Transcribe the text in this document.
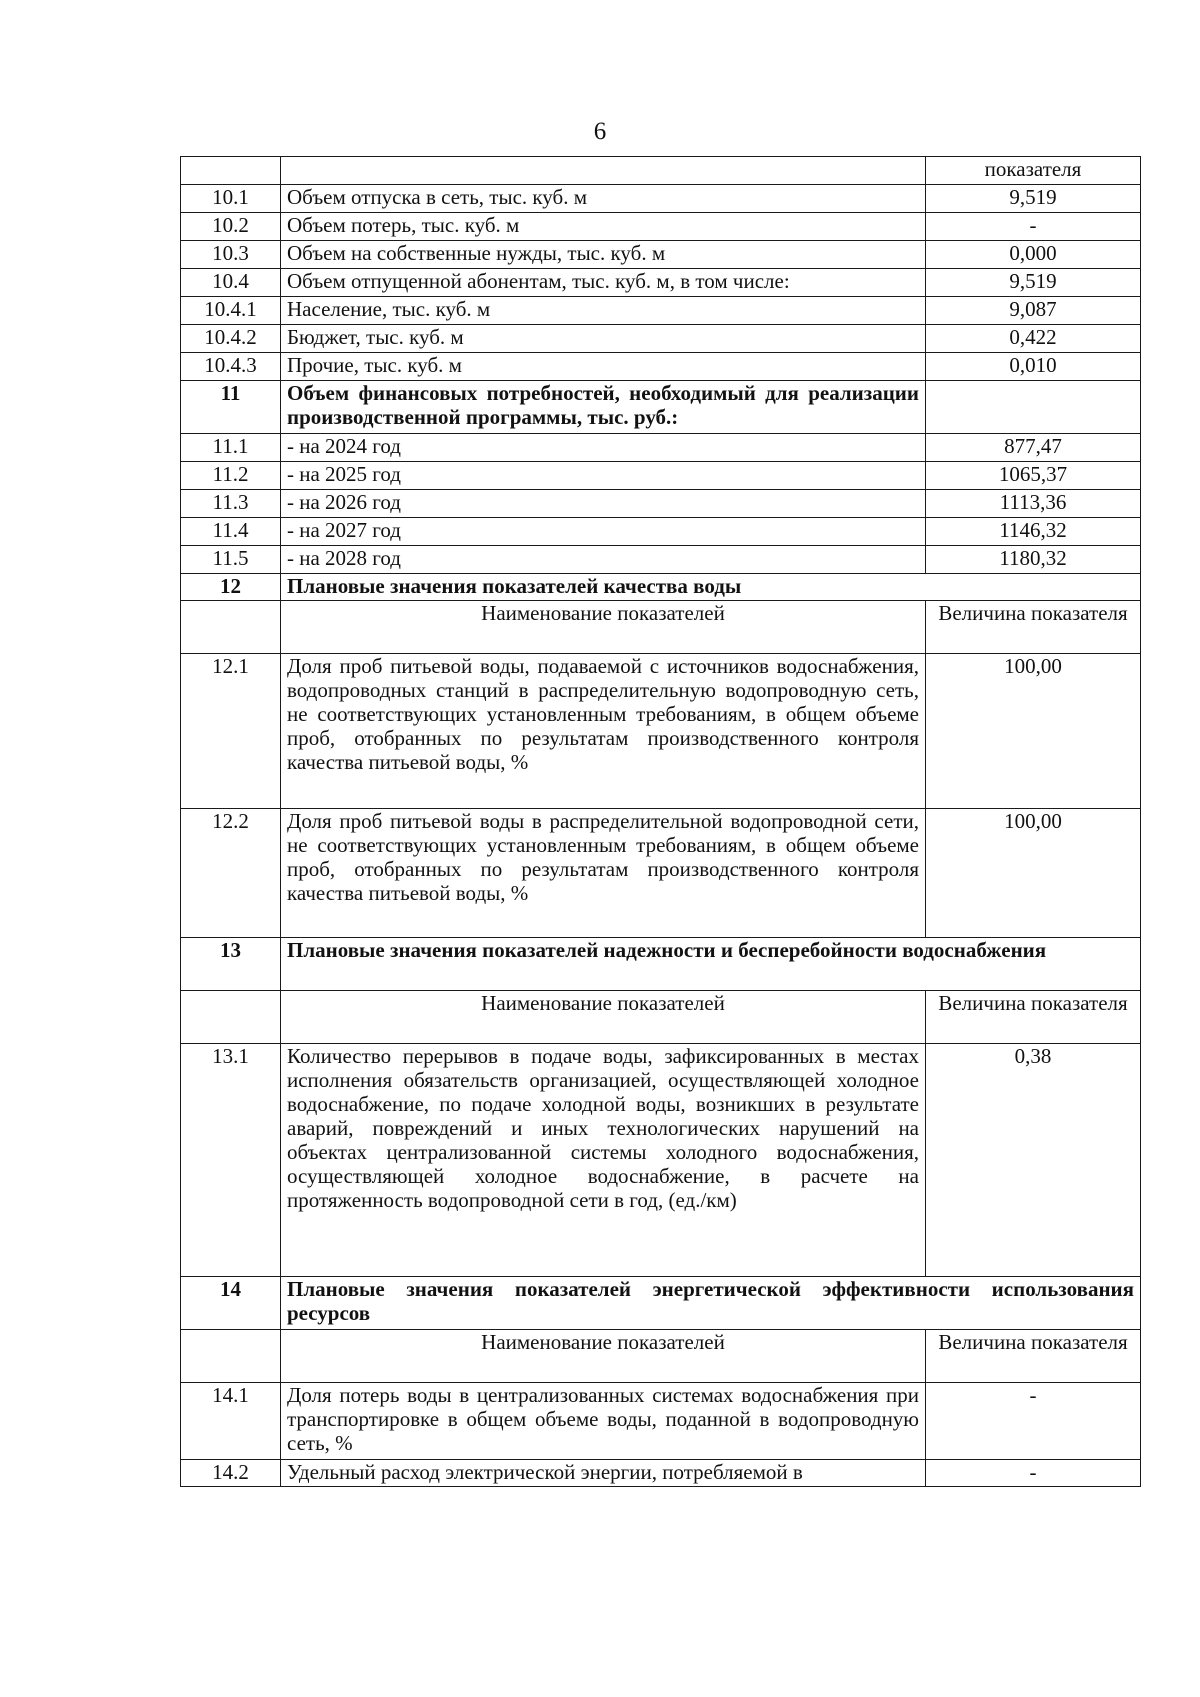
6
		показателя
10.1	Объем отпуска в сеть, тыс. куб. м	9,519
10.2	Объем потерь, тыс. куб. м	-
10.3	Объем на собственные нужды, тыс. куб. м	0,000
10.4	Объем отпущенной абонентам, тыс. куб. м, в том числе:	9,519
10.4.1	Население, тыс. куб. м	9,087
10.4.2	Бюджет, тыс. куб. м	0,422
10.4.3	Прочие, тыс. куб. м	0,010
11	Объем финансовых потребностей, необходимый для реализации производственной программы, тыс. руб.:	
11.1	- на 2024 год	877,47
11.2	- на 2025 год	1065,37
11.3	- на 2026 год	1113,36
11.4	- на 2027 год	1146,32
11.5	- на 2028 год	1180,32
12	Плановые значения показателей качества воды	
	Наименование показателей	Величина показателя
12.1	Доля проб питьевой воды, подаваемой с источников водоснабжения, водопроводных станций в распределительную водопроводную сеть, не соответствующих установленным требованиям, в общем объеме проб, отобранных по результатам производственного контроля качества питьевой воды, %	100,00
12.2	Доля проб питьевой воды в распределительной водопроводной сети, не соответствующих установленным требованиям, в общем объеме проб, отобранных по результатам производственного контроля качества питьевой воды, %	100,00
13	Плановые значения показателей надежности и бесперебойности водоснабжения	
	Наименование показателей	Величина показателя
13.1	Количество перерывов в подаче воды, зафиксированных в местах исполнения обязательств организацией, осуществляющей холодное водоснабжение, по подаче холодной воды, возникших в результате аварий, повреждений и иных технологических нарушений на объектах централизованной системы холодного водоснабжения, осуществляющей холодное водоснабжение, в расчете на протяженность водопроводной сети в год, (ед./км)	0,38
14	Плановые значения показателей энергетической эффективности использования ресурсов	
	Наименование показателей	Величина показателя
14.1	Доля потерь воды в централизованных системах водоснабжения при транспортировке в общем объеме воды, поданной в водопроводную сеть, %	-
14.2	Удельный расход электрической энергии, потребляемой в	-
